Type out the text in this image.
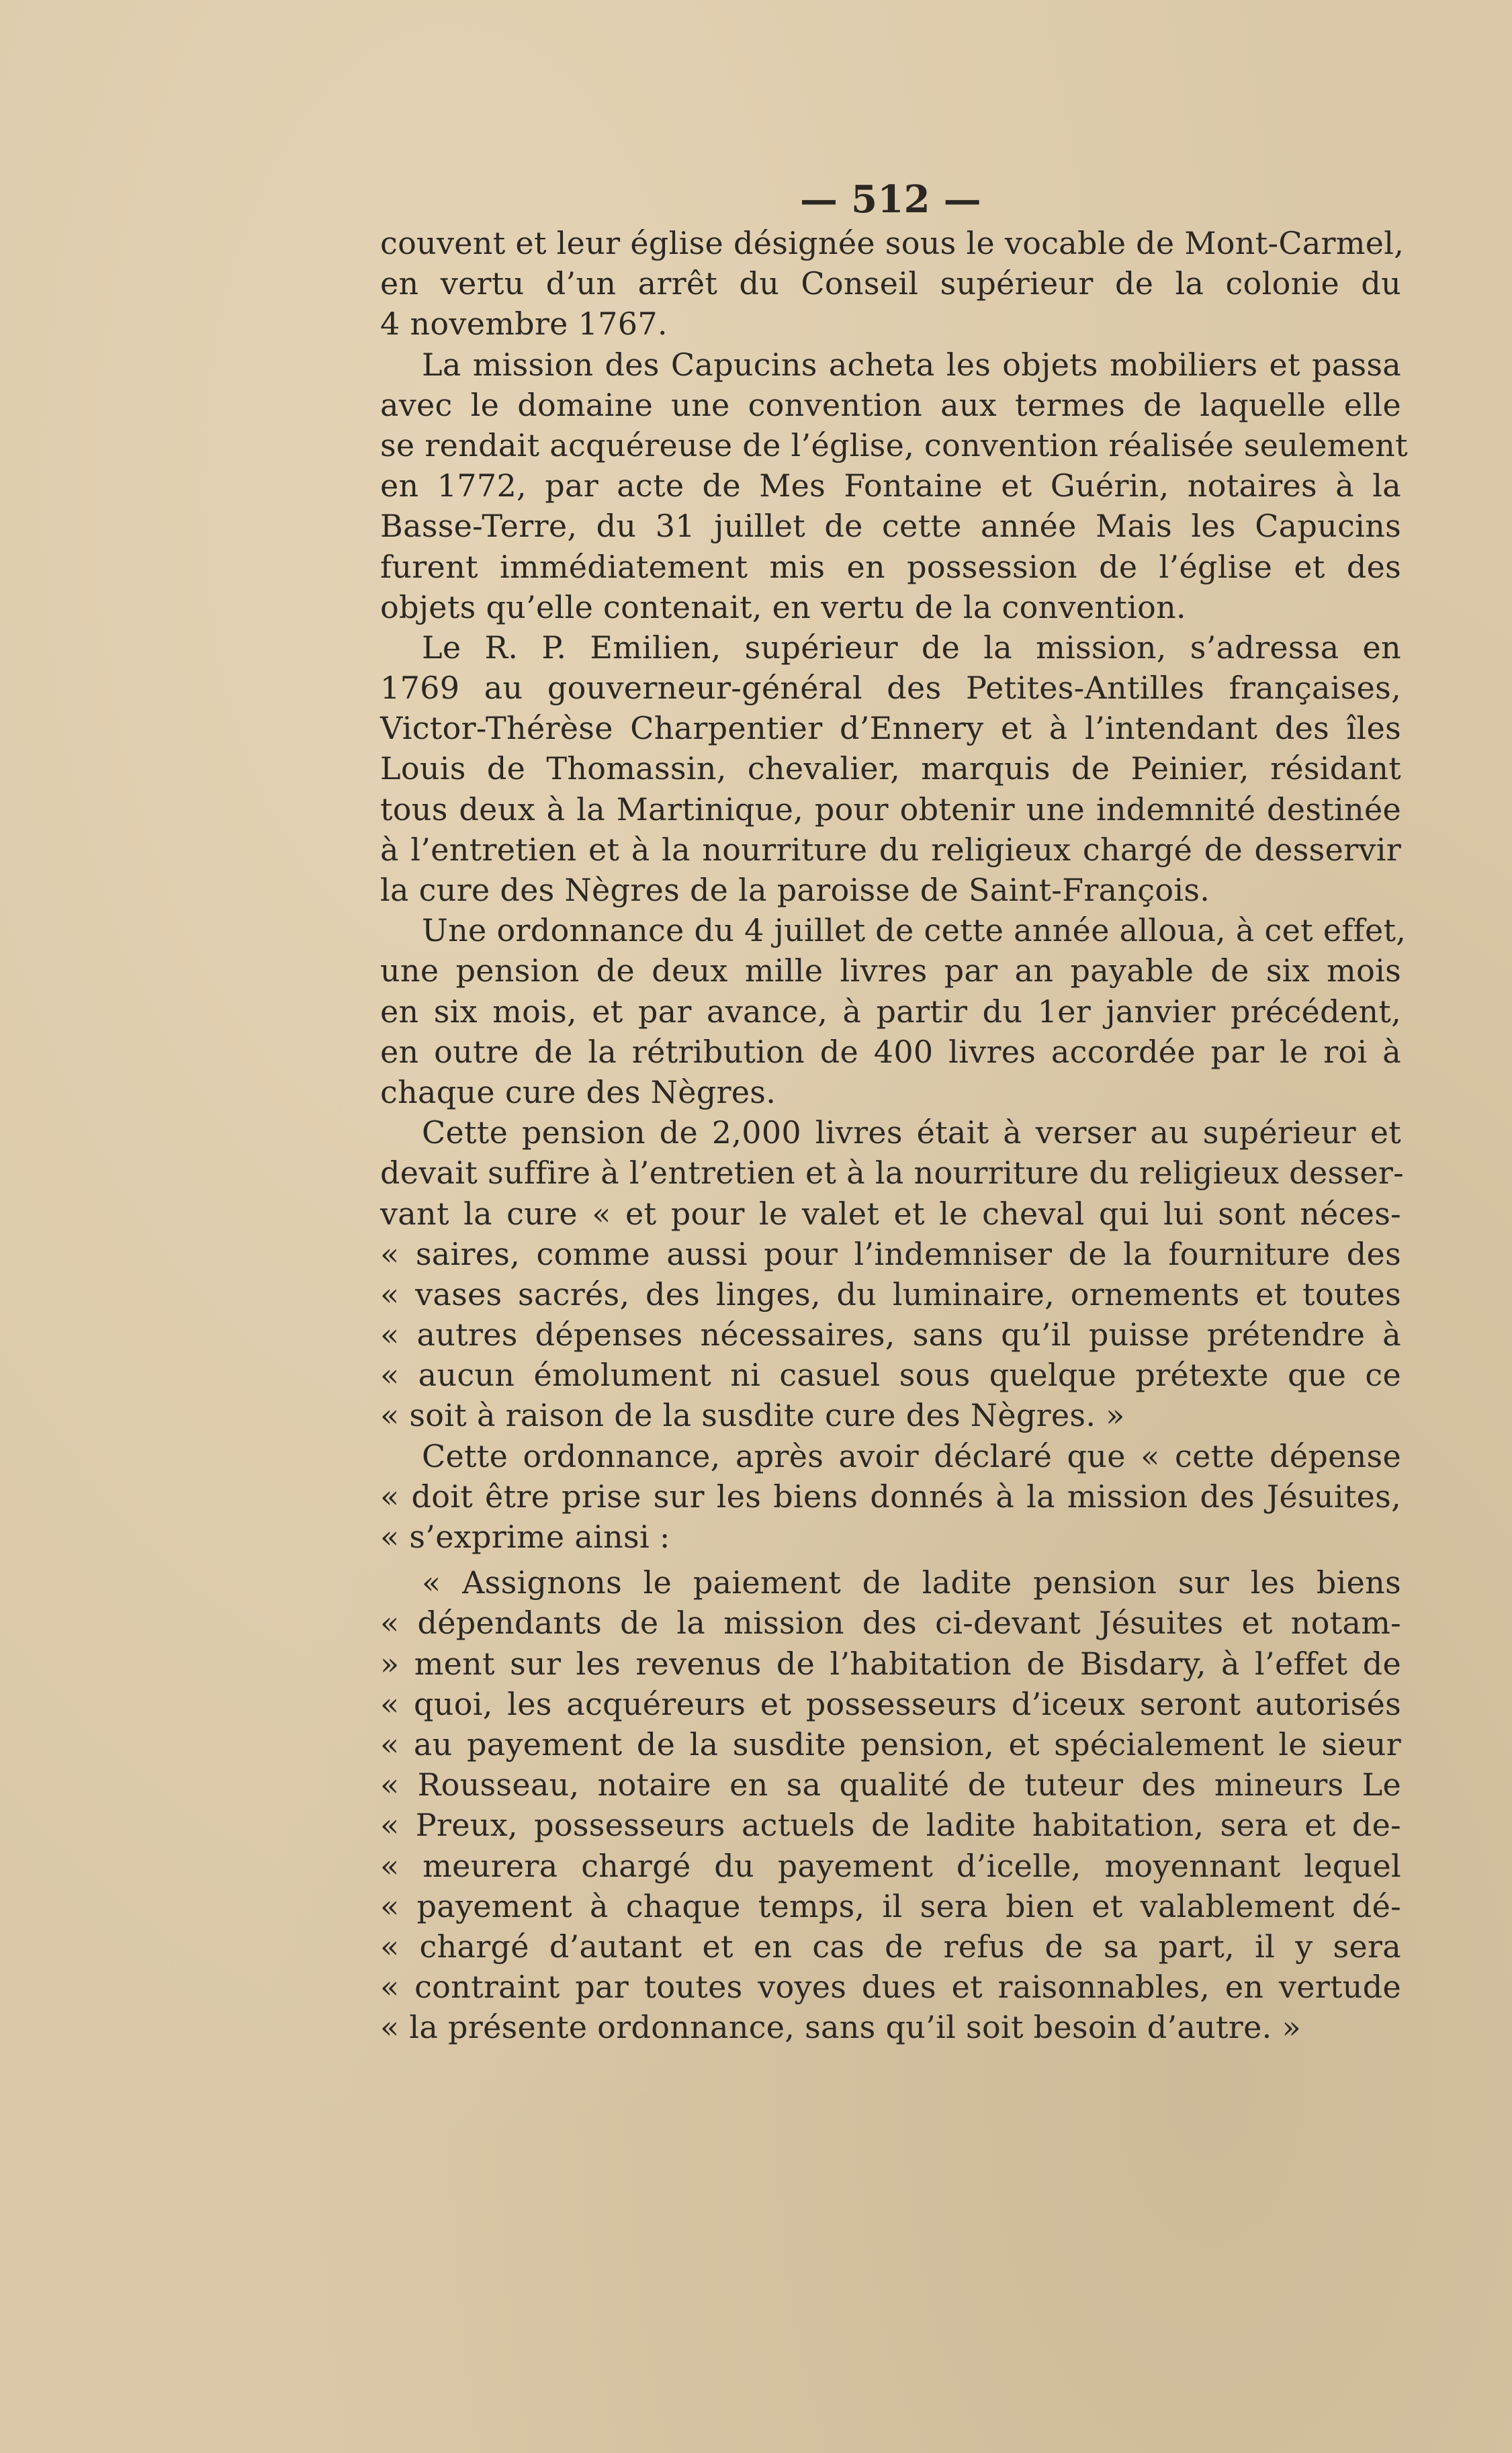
— 512 —
couvent et leur église désignée sous le vocable de Mont-Carmel,
en vertu d’un arrêt du Conseil supérieur de la colonie du
4 novembre 1767.
La mission des Capucins acheta les objets mobiliers et passa
avec le domaine une convention aux termes de laquelle elle
se rendait acquéreuse de l’église, convention réalisée seulement
en 1772, par acte de Mes Fontaine et Guérin, notaires à la
Basse-Terre, du 31 juillet de cette année Mais les Capucins
furent immédiatement mis en possession de l’église et des
objets qu’elle contenait, en vertu de la convention.
Le R. P. Emilien, supérieur de la mission, s’adressa en
1769 au gouverneur-général des Petites-Antilles françaises,
Victor-Thérèse Charpentier d’Ennery et à l’intendant des îles
Louis de Thomassin, chevalier, marquis de Peinier, résidant
tous deux à la Martinique, pour obtenir une indemnité destinée
à l’entretien et à la nourriture du religieux chargé de desservir
la cure des Nègres de la paroisse de Saint-François.
Une ordonnance du 4 juillet de cette année alloua, à cet effet,
une pension de deux mille livres par an payable de six mois
en six mois, et par avance, à partir du 1er janvier précédent,
en outre de la rétribution de 400 livres accordée par le roi à
chaque cure des Nègres.
Cette pension de 2,000 livres était à verser au supérieur et
devait suffire à l’entretien et à la nourriture du religieux desser-
vant la cure « et pour le valet et le cheval qui lui sont néces-
« saires, comme aussi pour l’indemniser de la fourniture des
« vases sacrés, des linges, du luminaire, ornements et toutes
« autres dépenses nécessaires, sans qu’il puisse prétendre à
« aucun émolument ni casuel sous quelque prétexte que ce
« soit à raison de la susdite cure des Nègres. »
Cette ordonnance, après avoir déclaré que « cette dépense
« doit être prise sur les biens donnés à la mission des Jésuites,
« s’exprime ainsi :
« Assignons le paiement de ladite pension sur les biens
« dépendants de la mission des ci-devant Jésuites et notam-
» ment sur les revenus de l’habitation de Bisdary, à l’effet de
« quoi, les acquéreurs et possesseurs d’iceux seront autorisés
« au payement de la susdite pension, et spécialement le sieur
« Rousseau, notaire en sa qualité de tuteur des mineurs Le
« Preux, possesseurs actuels de ladite habitation, sera et de-
« meurera chargé du payement d’icelle, moyennant lequel
« payement à chaque temps, il sera bien et valablement dé-
« chargé d’autant et en cas de refus de sa part, il y sera
« contraint par toutes voyes dues et raisonnables, en vertude
« la présente ordonnance, sans qu’il soit besoin d’autre. »
